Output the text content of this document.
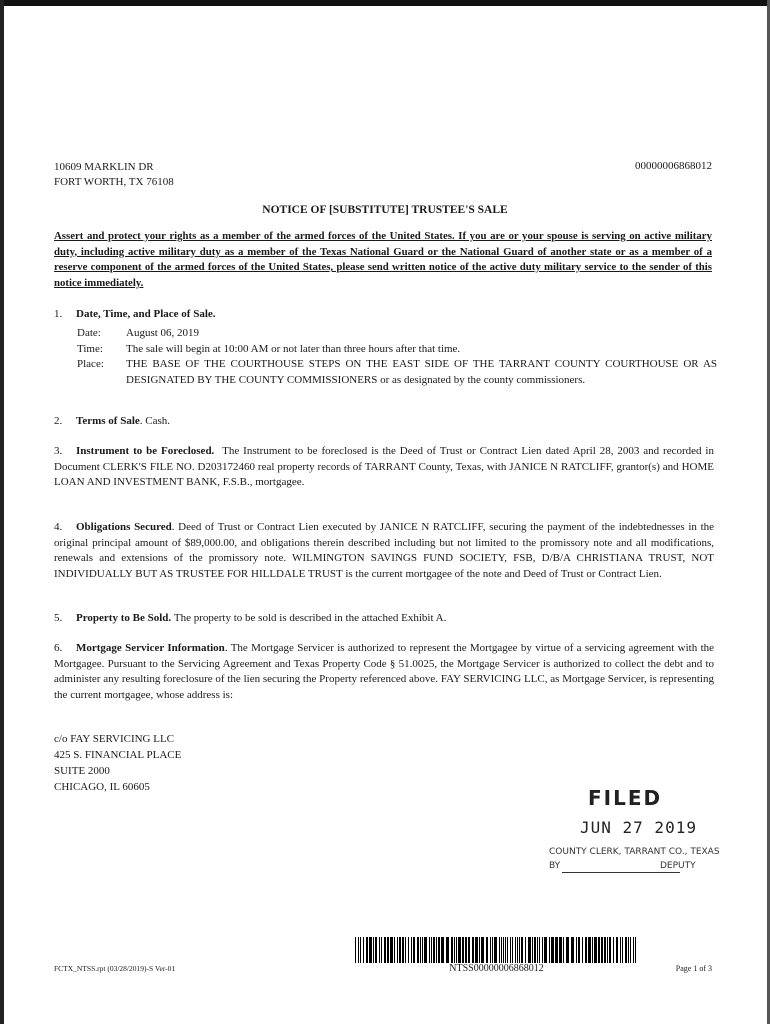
10609 MARKLIN DR
FORT WORTH, TX 76108
00000006868012
NOTICE OF [SUBSTITUTE] TRUSTEE'S SALE
Assert and protect your rights as a member of the armed forces of the United States. If you are or your spouse is serving on active military duty, including active military duty as a member of the Texas National Guard or the National Guard of another state or as a member of a reserve component of the armed forces of the United States, please send written notice of the active duty military service to the sender of this notice immediately.
1. Date, Time, and Place of Sale.
Date:	August 06, 2019
Time:	The sale will begin at 10:00 AM or not later than three hours after that time.
Place:	THE BASE OF THE COURTHOUSE STEPS ON THE EAST SIDE OF THE TARRANT COUNTY COURTHOUSE OR AS DESIGNATED BY THE COUNTY COMMISSIONERS or as designated by the county commissioners.
2. Terms of Sale. Cash.
3. Instrument to be Foreclosed. The Instrument to be foreclosed is the Deed of Trust or Contract Lien dated April 28, 2003 and recorded in Document CLERK'S FILE NO. D203172460 real property records of TARRANT County, Texas, with JANICE N RATCLIFF, grantor(s) and HOME LOAN AND INVESTMENT BANK, F.S.B., mortgagee.
4. Obligations Secured. Deed of Trust or Contract Lien executed by JANICE N RATCLIFF, securing the payment of the indebtednesses in the original principal amount of $89,000.00, and obligations therein described including but not limited to the promissory note and all modifications, renewals and extensions of the promissory note. WILMINGTON SAVINGS FUND SOCIETY, FSB, D/B/A CHRISTIANA TRUST, NOT INDIVIDUALLY BUT AS TRUSTEE FOR HILLDALE TRUST is the current mortgagee of the note and Deed of Trust or Contract Lien.
5. Property to Be Sold. The property to be sold is described in the attached Exhibit A.
6. Mortgage Servicer Information. The Mortgage Servicer is authorized to represent the Mortgagee by virtue of a servicing agreement with the Mortgagee. Pursuant to the Servicing Agreement and Texas Property Code § 51.0025, the Mortgage Servicer is authorized to collect the debt and to administer any resulting foreclosure of the lien securing the Property referenced above. FAY SERVICING LLC, as Mortgage Servicer, is representing the current mortgagee, whose address is:
c/o FAY SERVICING LLC
425 S. FINANCIAL PLACE
SUITE 2000
CHICAGO, IL 60605	FILED
JUN 27 2019
COUNTY CLERK, TARRANT CO., TEXAS
BY	DEPUTY
NTSS00000006868012
FCTX_NTSS.rpt (03/28/2019)-S Ver-01	Page 1 of 3
